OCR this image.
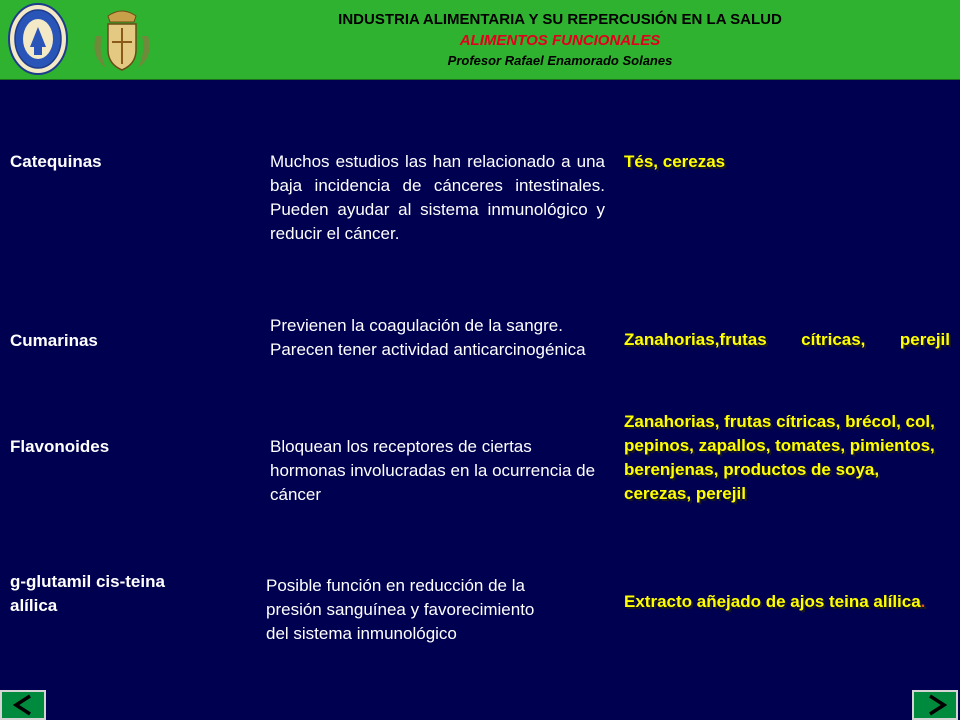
INDUSTRIA ALIMENTARIA Y SU REPERCUSIÓN EN LA SALUD
ALIMENTOS FUNCIONALES
Profesor Rafael Enamorado Solanes
Catequinas	Muchos estudios las han relacionado a una baja incidencia de cánceres intestinales. Pueden ayudar al sistema inmunológico y reducir el cáncer.
Tés, cerezas
Cumarinas
Previenen la coagulación de la sangre. Parecen tener actividad anticarcinogénica
Zanahorias,frutas cítricas, perejil
Flavonoides	Bloquean los receptores de ciertas hormonas involucradas en la ocurrencia de cáncer
Zanahorias, frutas cítricas, brécol, col, pepinos, zapallos, tomates, pimientos, berenjenas, productos de soya, cerezas, perejil
g-glutamil cis-teina alílica
Posible función en reducción de la presión sanguínea y favorecimiento del sistema inmunológico
Extracto añejado de ajos teina alílica.
